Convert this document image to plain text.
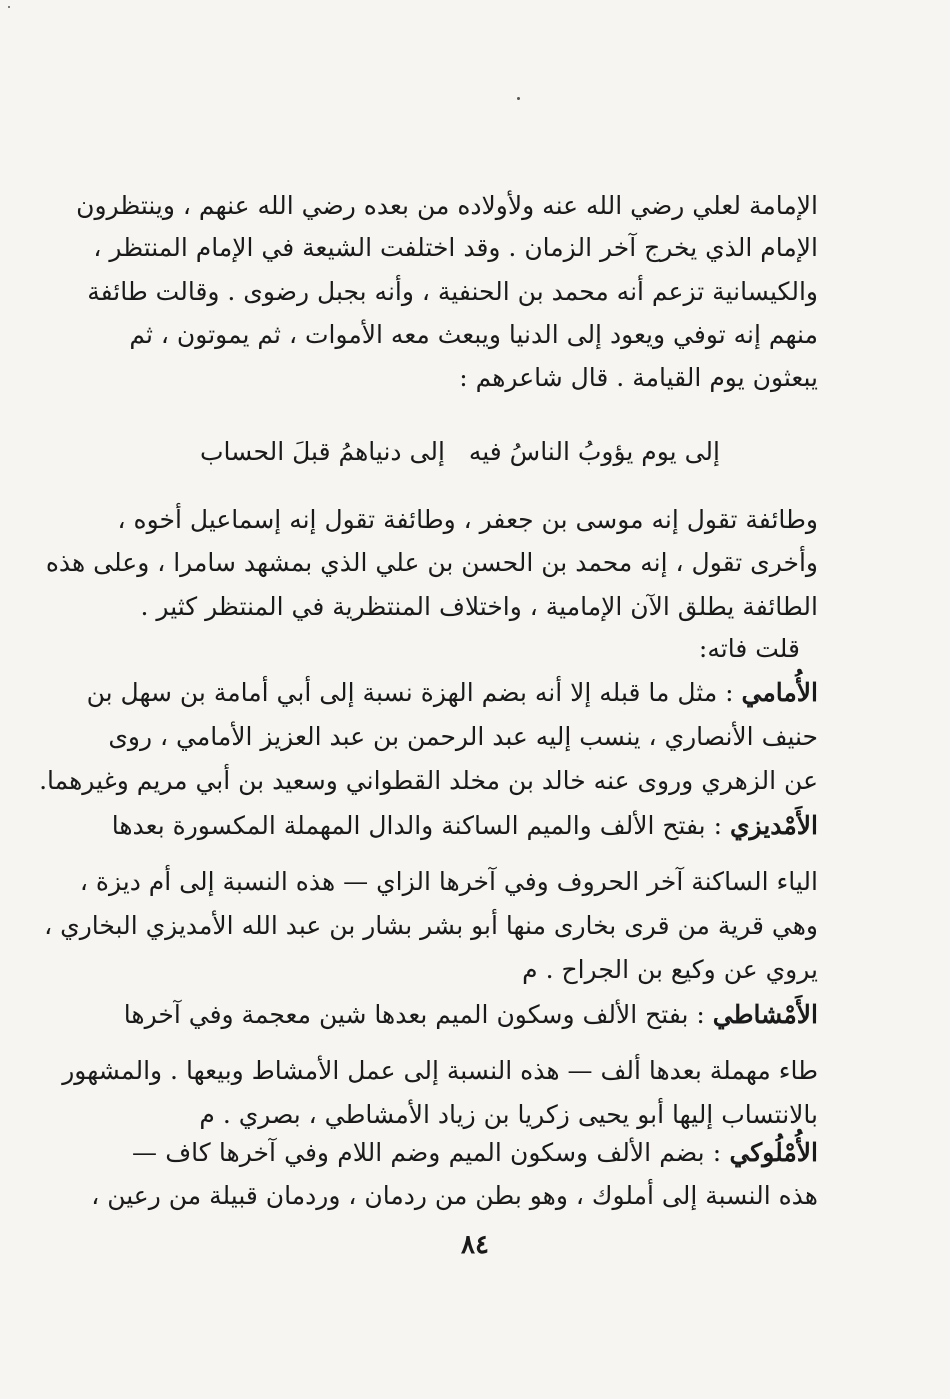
الإمامة لعلي رضي الله عنه ولأولاده من بعده رضي الله عنهم ، وينتظرون
الإمام الذي يخرج آخر الزمان . وقد اختلفت الشيعة في الإمام المنتظر ،
والكيسانية تزعم أنه محمد بن الحنفية ، وأنه بجبل رضوى . وقالت طائفة
منهم إنه توفي ويعود إلى الدنيا ويبعث معه الأموات ، ثم يموتون ، ثم
يبعثون يوم القيامة . قال شاعرهم :
إلى يوم يؤوبُ الناسُ فيه
إلى دنياهمُ قبلَ الحساب
وطائفة تقول إنه موسى بن جعفر ، وطائفة تقول إنه إسماعيل أخوه ،
وأخرى تقول ، إنه محمد بن الحسن بن علي الذي بمشهد سامرا ، وعلى هذه
الطائفة يطلق الآن الإمامية ، واختلاف المنتظرية في المنتظر كثير .
قلت فاته:
الأُمامي : مثل ما قبله إلا أنه بضم الهزة نسبة إلى أبي أمامة بن سهل بن
حنيف الأنصاري ، ينسب إليه عبد الرحمن بن عبد العزيز الأمامي ، روى
عن الزهري وروى عنه خالد بن مخلد القطواني وسعيد بن أبي مريم وغيرهما.
الأَمْديزي : بفتح الألف والميم الساكنة والدال المهملة المكسورة بعدها
الياء الساكنة آخر الحروف وفي آخرها الزاي — هذه النسبة إلى أم ديزة ،
وهي قرية من قرى بخارى منها أبو بشر بشار بن عبد الله الأمديزي البخاري ،
يروي عن وكيع بن الجراح . م
الأَمْشاطي : بفتح الألف وسكون الميم بعدها شين معجمة وفي آخرها
طاء مهملة بعدها ألف — هذه النسبة إلى عمل الأمشاط وبيعها . والمشهور
بالانتساب إليها أبو يحيى زكريا بن زياد الأمشاطي ، بصري . م
الأُمْلُوكي : بضم الألف وسكون الميم وضم اللام وفي آخرها كاف —
هذه النسبة إلى أملوك ، وهو بطن من ردمان ، وردمان قبيلة من رعين ،
٨٤
